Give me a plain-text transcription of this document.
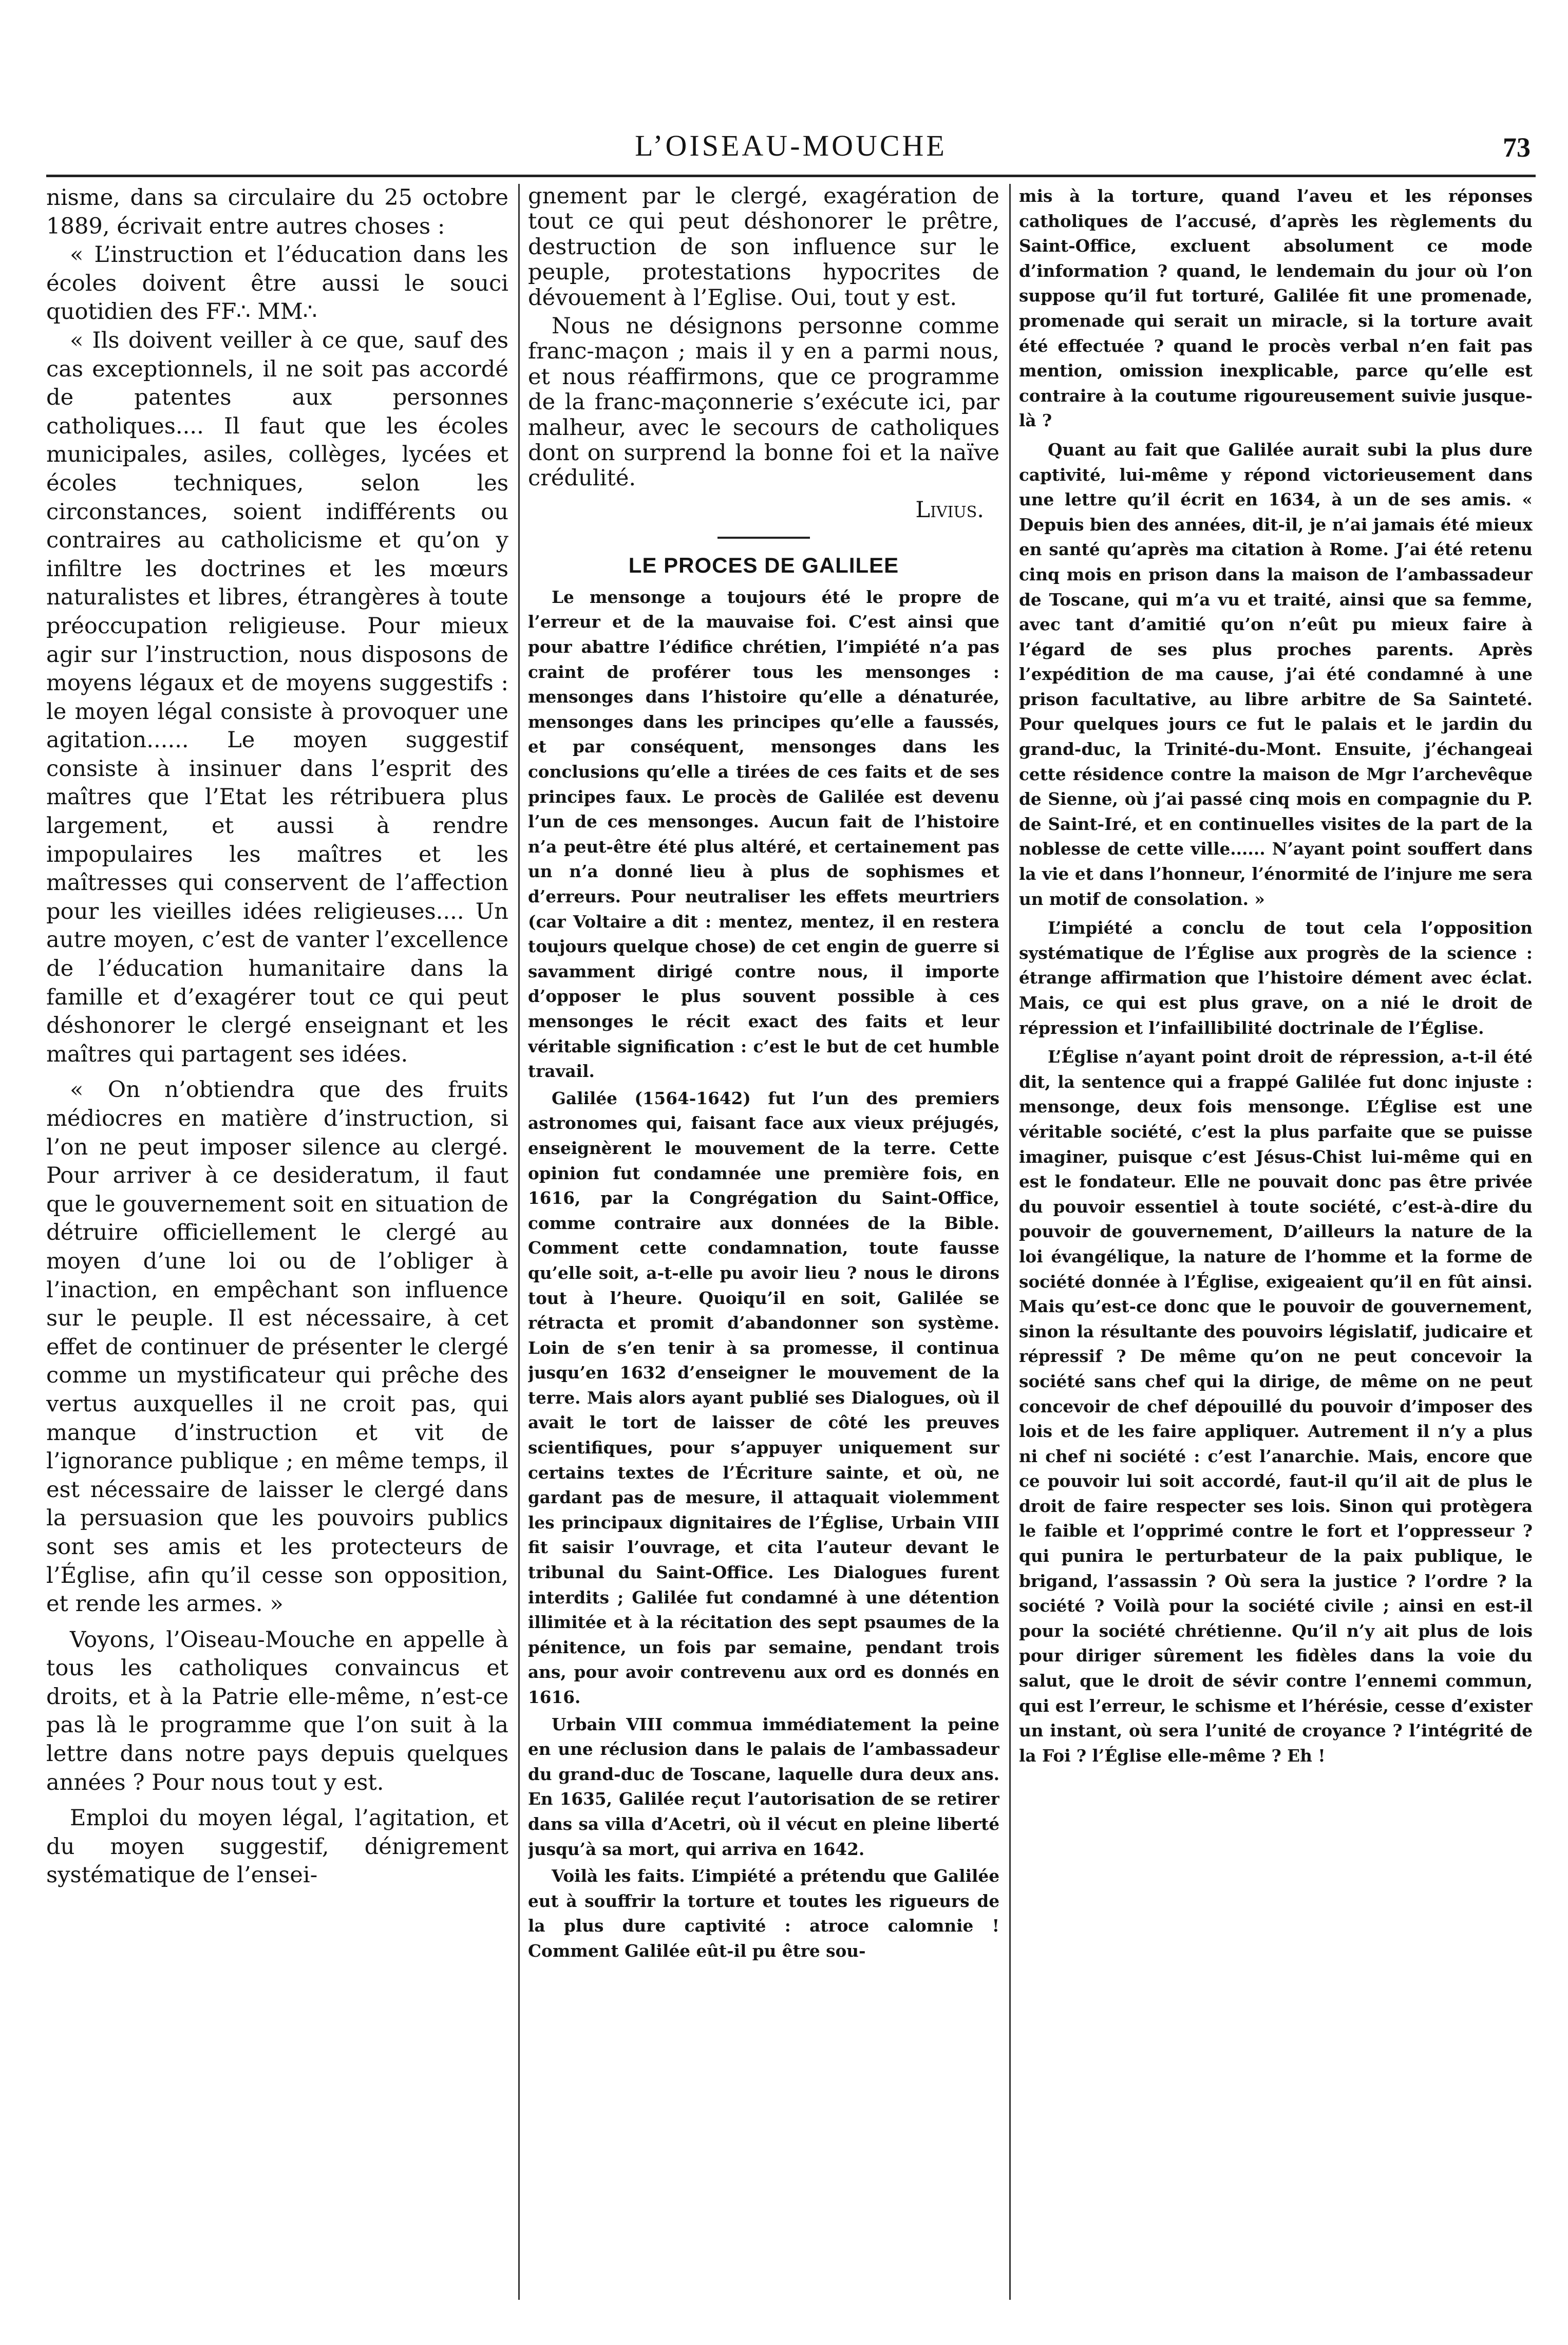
L’OISEAU-MOUCHE	73

nisme, dans sa circulaire du 25 octobre 1889, écrivait entre autres choses :

« L’instruction et l’éducation dans les écoles doivent être aussi le souci quotidien des FF∴ MM∴

« Ils doivent veiller à ce que, sauf des cas exceptionnels, il ne soit pas accordé de patentes aux personnes catholiques.... Il faut que les écoles municipales, asiles, collèges, lycées et écoles techniques, selon les circonstances, soient indifférents ou contraires au catholicisme et qu’on y infiltre les doctrines et les mœurs naturalistes et libres, étrangères à toute préoccupation religieuse. Pour mieux agir sur l’instruction, nous disposons de moyens légaux et de moyens suggestifs : le moyen légal consiste à provoquer une agitation...... Le moyen suggestif consiste à insinuer dans l’esprit des maîtres que l’Etat les rétribuera plus largement, et aussi à rendre impopulaires les maîtres et les maîtresses qui conservent de l’affection pour les vieilles idées religieuses.... Un autre moyen, c’est de vanter l’excellence de l’éducation humanitaire dans la famille et d’exagérer tout ce qui peut déshonorer le clergé enseignant et les maîtres qui partagent ses idées.

« On n’obtiendra que des fruits médiocres en matière d’instruction, si l’on ne peut imposer silence au clergé. Pour arriver à ce desideratum, il faut que le gouvernement soit en situation de détruire officiellement le clergé au moyen d’une loi ou de l’obliger à l’inaction, en empêchant son influence sur le peuple. Il est nécessaire, à cet effet de continuer de présenter le clergé comme un mystificateur qui prêche des vertus auxquelles il ne croit pas, qui manque d’instruction et vit de l’ignorance publique ; en même temps, il est nécessaire de laisser le clergé dans la persuasion que les pouvoirs publics sont ses amis et les protecteurs de l’Église, afin qu’il cesse son opposition, et rende les armes. »

Voyons, l’Oiseau-Mouche en appelle à tous les catholiques convaincus et droits, et à la Patrie elle-même, n’est-ce pas là le programme que l’on suit à la lettre dans notre pays depuis quelques années ? Pour nous tout y est.

Emploi du moyen légal, l’agitation, et du moyen suggestif, dénigrement systématique de l’ensei-

gnement par le clergé, exagération de tout ce qui peut déshonorer le prêtre, destruction de son influence sur le peuple, protestations hypocrites de dévouement à l’Eglise. Oui, tout y est.

Nous ne désignons personne comme franc-maçon ; mais il y en a parmi nous, et nous réaffirmons, que ce programme de la franc-maçonnerie s’exécute ici, par malheur, avec le secours de catholiques dont on surprend la bonne foi et la naïve crédulité.

Livius.
LE PROCES DE GALILEE

Le mensonge a toujours été le propre de l’erreur et de la mauvaise foi. C’est ainsi que pour abattre l’édifice chrétien, l’impiété n’a pas craint de proférer tous les mensonges : mensonges dans l’histoire qu’elle a dénaturée, mensonges dans les principes qu’elle a faussés, et par conséquent, mensonges dans les conclusions qu’elle a tirées de ces faits et de ses principes faux. Le procès de Galilée est devenu l’un de ces mensonges. Aucun fait de l’histoire n’a peut-être été plus altéré, et certainement pas un n’a donné lieu à plus de sophismes et d’erreurs. Pour neutraliser les effets meurtriers (car Voltaire a dit : mentez, mentez, il en restera toujours quelque chose) de cet engin de guerre si savamment dirigé contre nous, il importe d’opposer le plus souvent possible à ces mensonges le récit exact des faits et leur véritable signification : c’est le but de cet humble travail.

Galilée (1564-1642) fut l’un des premiers astronomes qui, faisant face aux vieux préjugés, enseignèrent le mouvement de la terre. Cette opinion fut condamnée une première fois, en 1616, par la Congrégation du Saint-Office, comme contraire aux données de la Bible. Comment cette condamnation, toute fausse qu’elle soit, a-t-elle pu avoir lieu ? nous le dirons tout à l’heure. Quoiqu’il en soit, Galilée se rétracta et promit d’abandonner son système. Loin de s’en tenir à sa promesse, il continua jusqu’en 1632 d’enseigner le mouvement de la terre. Mais alors ayant publié ses Dialogues, où il avait le tort de laisser de côté les preuves scientifiques, pour s’appuyer uniquement sur certains textes de l’Écriture sainte, et où, ne gardant pas de mesure, il attaquait violemment les principaux dignitaires de l’Église, Urbain VIII fit saisir l’ouvrage, et cita l’auteur devant le tribunal du Saint-Office. Les Dialogues furent interdits ; Galilée fut condamné à une détention illimitée et à la récitation des sept psaumes de la pénitence, un fois par semaine, pendant trois ans, pour avoir contrevenu aux ord es donnés en 1616.

Urbain VIII commua immédiatement la peine en une réclusion dans le palais de l’ambassadeur du grand-duc de Toscane, laquelle dura deux ans. En 1635, Galilée reçut l’autorisation de se retirer dans sa villa d’Acetri, où il vécut en pleine liberté jusqu’à sa mort, qui arriva en 1642.

Voilà les faits. L’impiété a prétendu que Galilée eut à souffrir la torture et toutes les rigueurs de la plus dure captivité : atroce calomnie ! Comment Galilée eût-il pu être sou-

mis à la torture, quand l’aveu et les réponses catholiques de l’accusé, d’après les règlements du Saint-Office, excluent absolument ce mode d’information ? quand, le lendemain du jour où l’on suppose qu’il fut torturé, Galilée fit une promenade, promenade qui serait un miracle, si la torture avait été effectuée ? quand le procès verbal n’en fait pas mention, omission inexplicable, parce qu’elle est contraire à la coutume rigoureusement suivie jusque-là ?

Quant au fait que Galilée aurait subi la plus dure captivité, lui-même y répond victorieusement dans une lettre qu’il écrit en 1634, à un de ses amis. « Depuis bien des années, dit-il, je n’ai jamais été mieux en santé qu’après ma citation à Rome. J’ai été retenu cinq mois en prison dans la maison de l’ambassadeur de Toscane, qui m’a vu et traité, ainsi que sa femme, avec tant d’amitié qu’on n’eût pu mieux faire à l’égard de ses plus proches parents. Après l’expédition de ma cause, j’ai été condamné à une prison facultative, au libre arbitre de Sa Sainteté. Pour quelques jours ce fut le palais et le jardin du grand-duc, la Trinité-du-Mont. Ensuite, j’échangeai cette résidence contre la maison de Mgr l’archevêque de Sienne, où j’ai passé cinq mois en compagnie du P. de Saint-Iré, et en continuelles visites de la part de la noblesse de cette ville...... N’ayant point souffert dans la vie et dans l’honneur, l’énormité de l’injure me sera un motif de consolation. »

L’impiété a conclu de tout cela l’opposition systématique de l’Église aux progrès de la science : étrange affirmation que l’histoire dément avec éclat. Mais, ce qui est plus grave, on a nié le droit de répression et l’infaillibilité doctrinale de l’Église.

L’Église n’ayant point droit de répression, a-t-il été dit, la sentence qui a frappé Galilée fut donc injuste : mensonge, deux fois mensonge. L’Église est une véritable société, c’est la plus parfaite que se puisse imaginer, puisque c’est Jésus-Chist lui-même qui en est le fondateur. Elle ne pouvait donc pas être privée du pouvoir essentiel à toute société, c’est-à-dire du pouvoir de gouvernement, D’ailleurs la nature de la loi évangélique, la nature de l’homme et la forme de société donnée à l’Église, exigeaient qu’il en fût ainsi. Mais qu’est-ce donc que le pouvoir de gouvernement, sinon la résultante des pouvoirs législatif, judicaire et répressif ? De même qu’on ne peut concevoir la société sans chef qui la dirige, de même on ne peut concevoir de chef dépouillé du pouvoir d’imposer des lois et de les faire appliquer. Autrement il n’y a plus ni chef ni société : c’est l’anarchie. Mais, encore que ce pouvoir lui soit accordé, faut-il qu’il ait de plus le droit de faire respecter ses lois. Sinon qui protègera le faible et l’opprimé contre le fort et l’oppresseur ? qui punira le perturbateur de la paix publique, le brigand, l’assassin ? Où sera la justice ? l’ordre ? la société ? Voilà pour la société civile ; ainsi en est-il pour la société chrétienne. Qu’il n’y ait plus de lois pour diriger sûrement les fidèles dans la voie du salut, que le droit de sévir contre l’ennemi commun, qui est l’erreur, le schisme et l’hérésie, cesse d’exister un instant, où sera l’unité de croyance ? l’intégrité de la Foi ? l’Église elle-même ? Eh !
